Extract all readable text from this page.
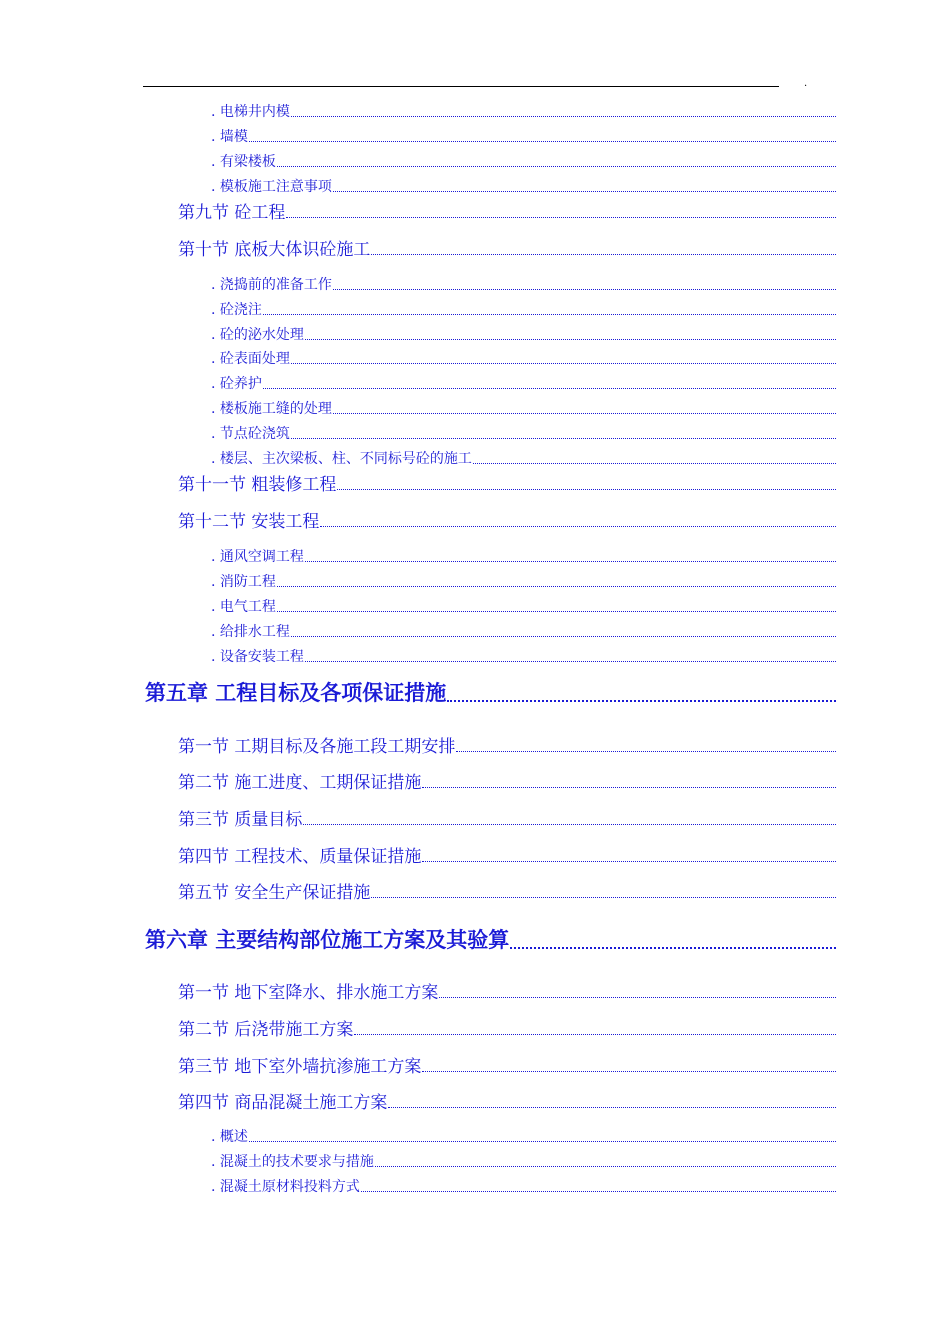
.
. 电梯井内模
. 墙模
. 有梁楼板
. 模板施工注意事项
第九节 砼工程
第十节 底板大体识砼施工
. 浇捣前的准备工作
. 砼浇注
. 砼的泌水处理
. 砼表面处理
. 砼养护
. 楼板施工缝的处理
. 节点砼浇筑
. 楼层、主次梁板、柱、不同标号砼的施工
第十一节 粗装修工程
第十二节 安装工程
. 通风空调工程
. 消防工程
. 电气工程
. 给排水工程
. 设备安装工程
第五章 工程目标及各项保证措施
第一节 工期目标及各施工段工期安排
第二节 施工进度、工期保证措施
第三节 质量目标
第四节 工程技术、质量保证措施
第五节 安全生产保证措施
第六章 主要结构部位施工方案及其验算
第一节 地下室降水、排水施工方案
第二节 后浇带施工方案
第三节 地下室外墙抗渗施工方案
第四节 商品混凝土施工方案
. 概述
. 混凝土的技术要求与措施
. 混凝土原材料投料方式
